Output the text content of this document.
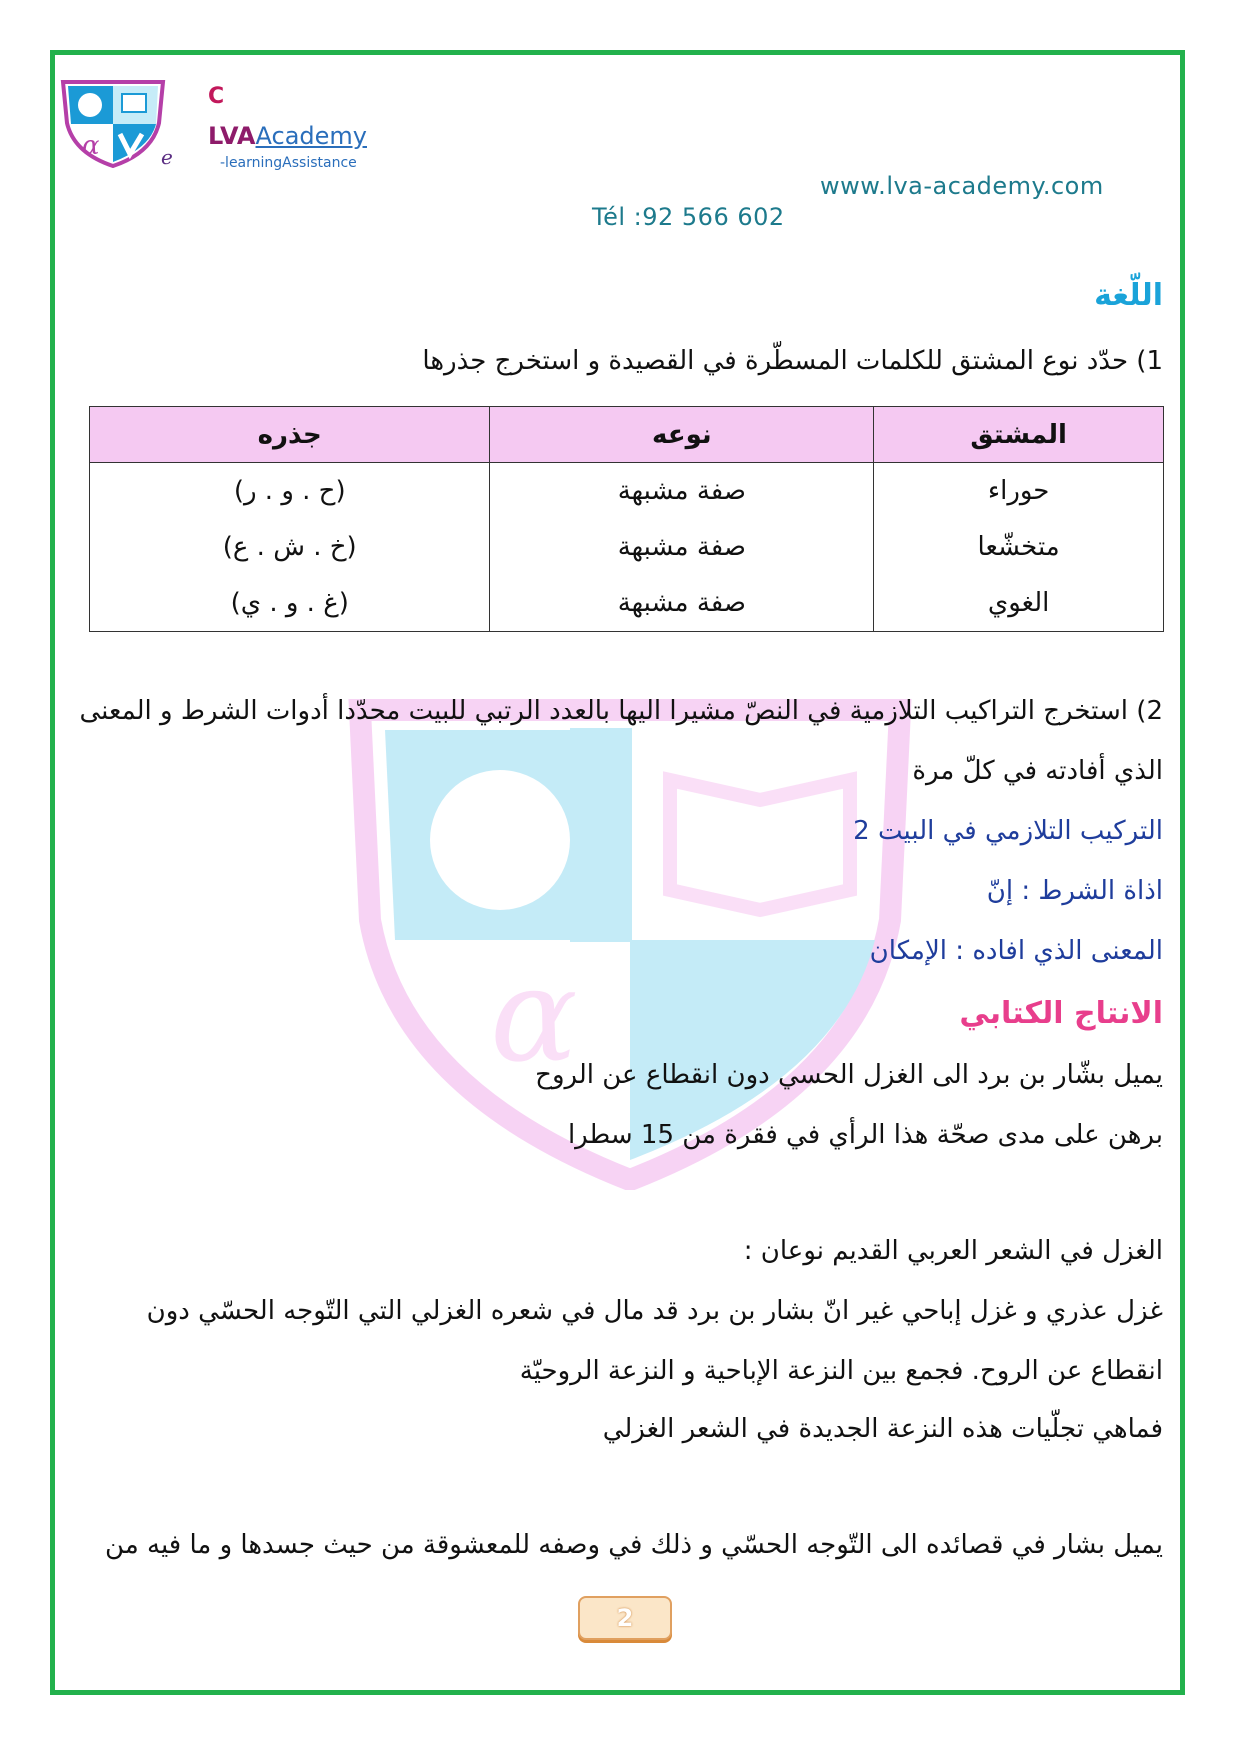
α
α	e
C
LVAAcademy
-learningAssistance
www.lva-academy.com
Tél :92 566 602

اللّغة

1) حدّد نوع المشتق للكلمات المسطّرة في القصيدة و استخرج جذرها

المشتق	نوعه	جذره
حوراء	صفة مشبهة	(ح . و . ر)
متخشّعا	صفة مشبهة	(خ . ش . ع)
الغوي	صفة مشبهة	(غ . و . ي)

2) استخرج التراكيب التلازمية في النصّ مشيرا اليها بالعدد الرتبي للبيت محدّدا أدوات الشرط و المعنى

الذي أفادته في كلّ مرة

التركيب التلازمي في البيت 2

اذاة الشرط : إنّ

المعنى الذي افاده : الإمكان

الانتاج الكتابي

يميل بشّار بن برد الى الغزل الحسي دون انقطاع عن الروح

برهن على مدى صحّة هذا الرأي في فقرة من 15 سطرا

الغزل في الشعر العربي القديم نوعان :

غزل عذري و غزل إباحي غير انّ بشار بن برد قد مال في شعره الغزلي التي التّوجه الحسّي دون

انقطاع عن الروح. فجمع بين النزعة الإباحية و النزعة الروحيّة

فماهي تجلّيات هذه النزعة الجديدة في الشعر الغزلي

يميل بشار في قصائده الى التّوجه الحسّي و ذلك في وصفه للمعشوقة من حيث جسدها و ما فيه من

2
